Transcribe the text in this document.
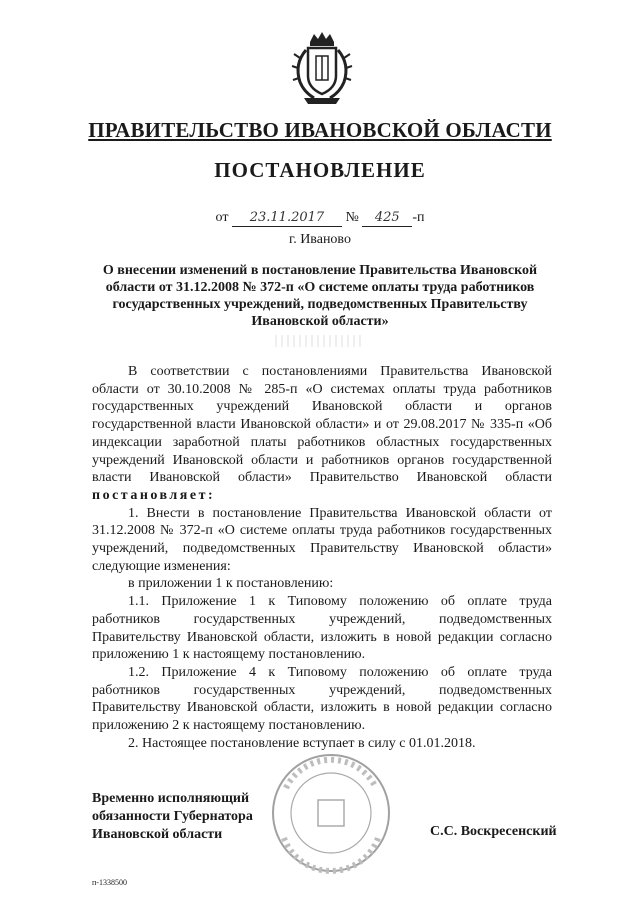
ПРАВИТЕЛЬСТВО ИВАНОВСКОЙ ОБЛАСТИ
ПОСТАНОВЛЕНИЕ
от 23.11.2017 № 425 -п
г. Иваново
О внесении изменений в постановление Правительства Ивановской области от 31.12.2008 № 372-п «О системе оплаты труда работников государственных учреждений, подведомственных Правительству Ивановской области»

В соответствии с постановлениями Правительства Ивановской области от 30.10.2008 № 285-п «О системах оплаты труда работников государственных учреждений Ивановской области и органов государственной власти Ивановской области» и от 29.08.2017 № 335-п «Об индексации заработной платы работников областных государственных учреждений Ивановской области и работников органов государственной власти Ивановской области» Правительство Ивановской области постановляет:

1. Внести в постановление Правительства Ивановской области от 31.12.2008 № 372-п «О системе оплаты труда работников государственных учреждений, подведомственных Правительству Ивановской области» следующие изменения:

в приложении 1 к постановлению:

1.1. Приложение 1 к Типовому положению об оплате труда работников государственных учреждений, подведомственных Правительству Ивановской области, изложить в новой редакции согласно приложению 1 к настоящему постановлению.

1.2. Приложение 4 к Типовому положению об оплате труда работников государственных учреждений, подведомственных Правительству Ивановской области, изложить в новой редакции согласно приложению 2 к настоящему постановлению.

2. Настоящее постановление вступает в силу с 01.01.2018.

Временно исполняющий
обязанности Губернатора
Ивановской области	С.С. Воскресенский
п-1338500
